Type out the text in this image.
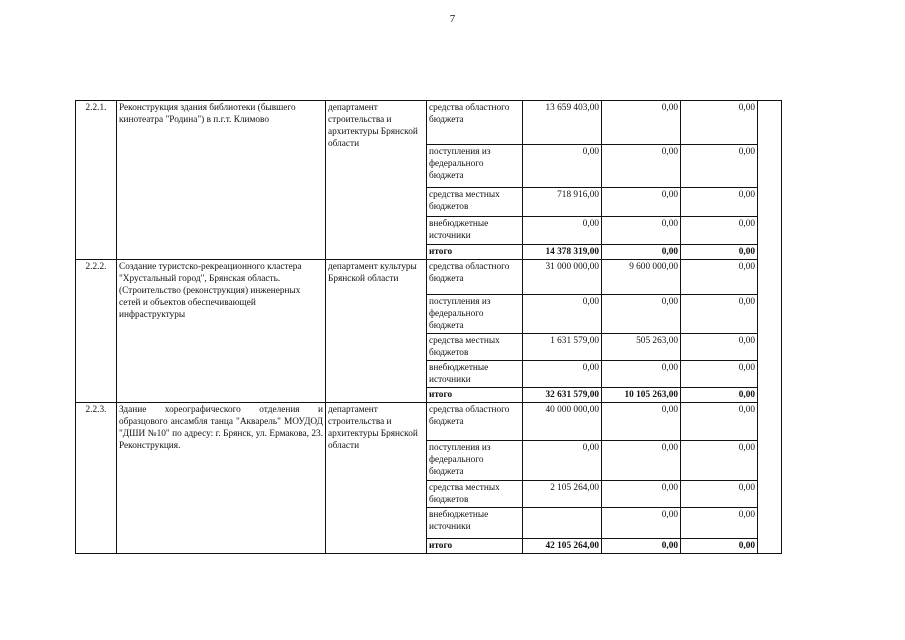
7
2.2.1.	Реконструкция здания библиотеки (бывшего кинотеатра "Родина") в п.г.т. Климово	департамент строительства и архитектуры Брянской области	средства областного бюджета	13 659 403,00	0,00	0,00	
			поступления из федерального бюджета	0,00	0,00	0,00	
			средства местных бюджетов	718 916,00	0,00	0,00	
			внебюджетные источники	0,00	0,00	0,00	
			итого	14 378 319,00	0,00	0,00	
2.2.2.	Создание туристско-рекреационного кластера "Хрустальный город", Брянская область. (Строительство (реконструкция) инженерных сетей и объектов обеспечивающей инфраструктуры	департамент культуры Брянской области	средства областного бюджета	31 000 000,00	9 600 000,00	0,00	
			поступления из федерального бюджета	0,00	0,00	0,00	
			средства местных бюджетов	1 631 579,00	505 263,00	0,00	
			внебюджетные источники	0,00	0,00	0,00	
			итого	32 631 579,00	10 105 263,00	0,00	
2.2.3.	Здание хореографического отделения и образцового ансамбля танца "Акварель" МОУДОД "ДШИ №10" по адресу: г. Брянск, ул. Ермакова, 23. Реконструкция.	департамент строительства и архитектуры Брянской области	средства областного бюджета	40 000 000,00	0,00	0,00	
			поступления из федерального бюджета	0,00	0,00	0,00	
			средства местных бюджетов	2 105 264,00	0,00	0,00	
			внебюджетные источники		0,00	0,00	
			итого	42 105 264,00	0,00	0,00	
